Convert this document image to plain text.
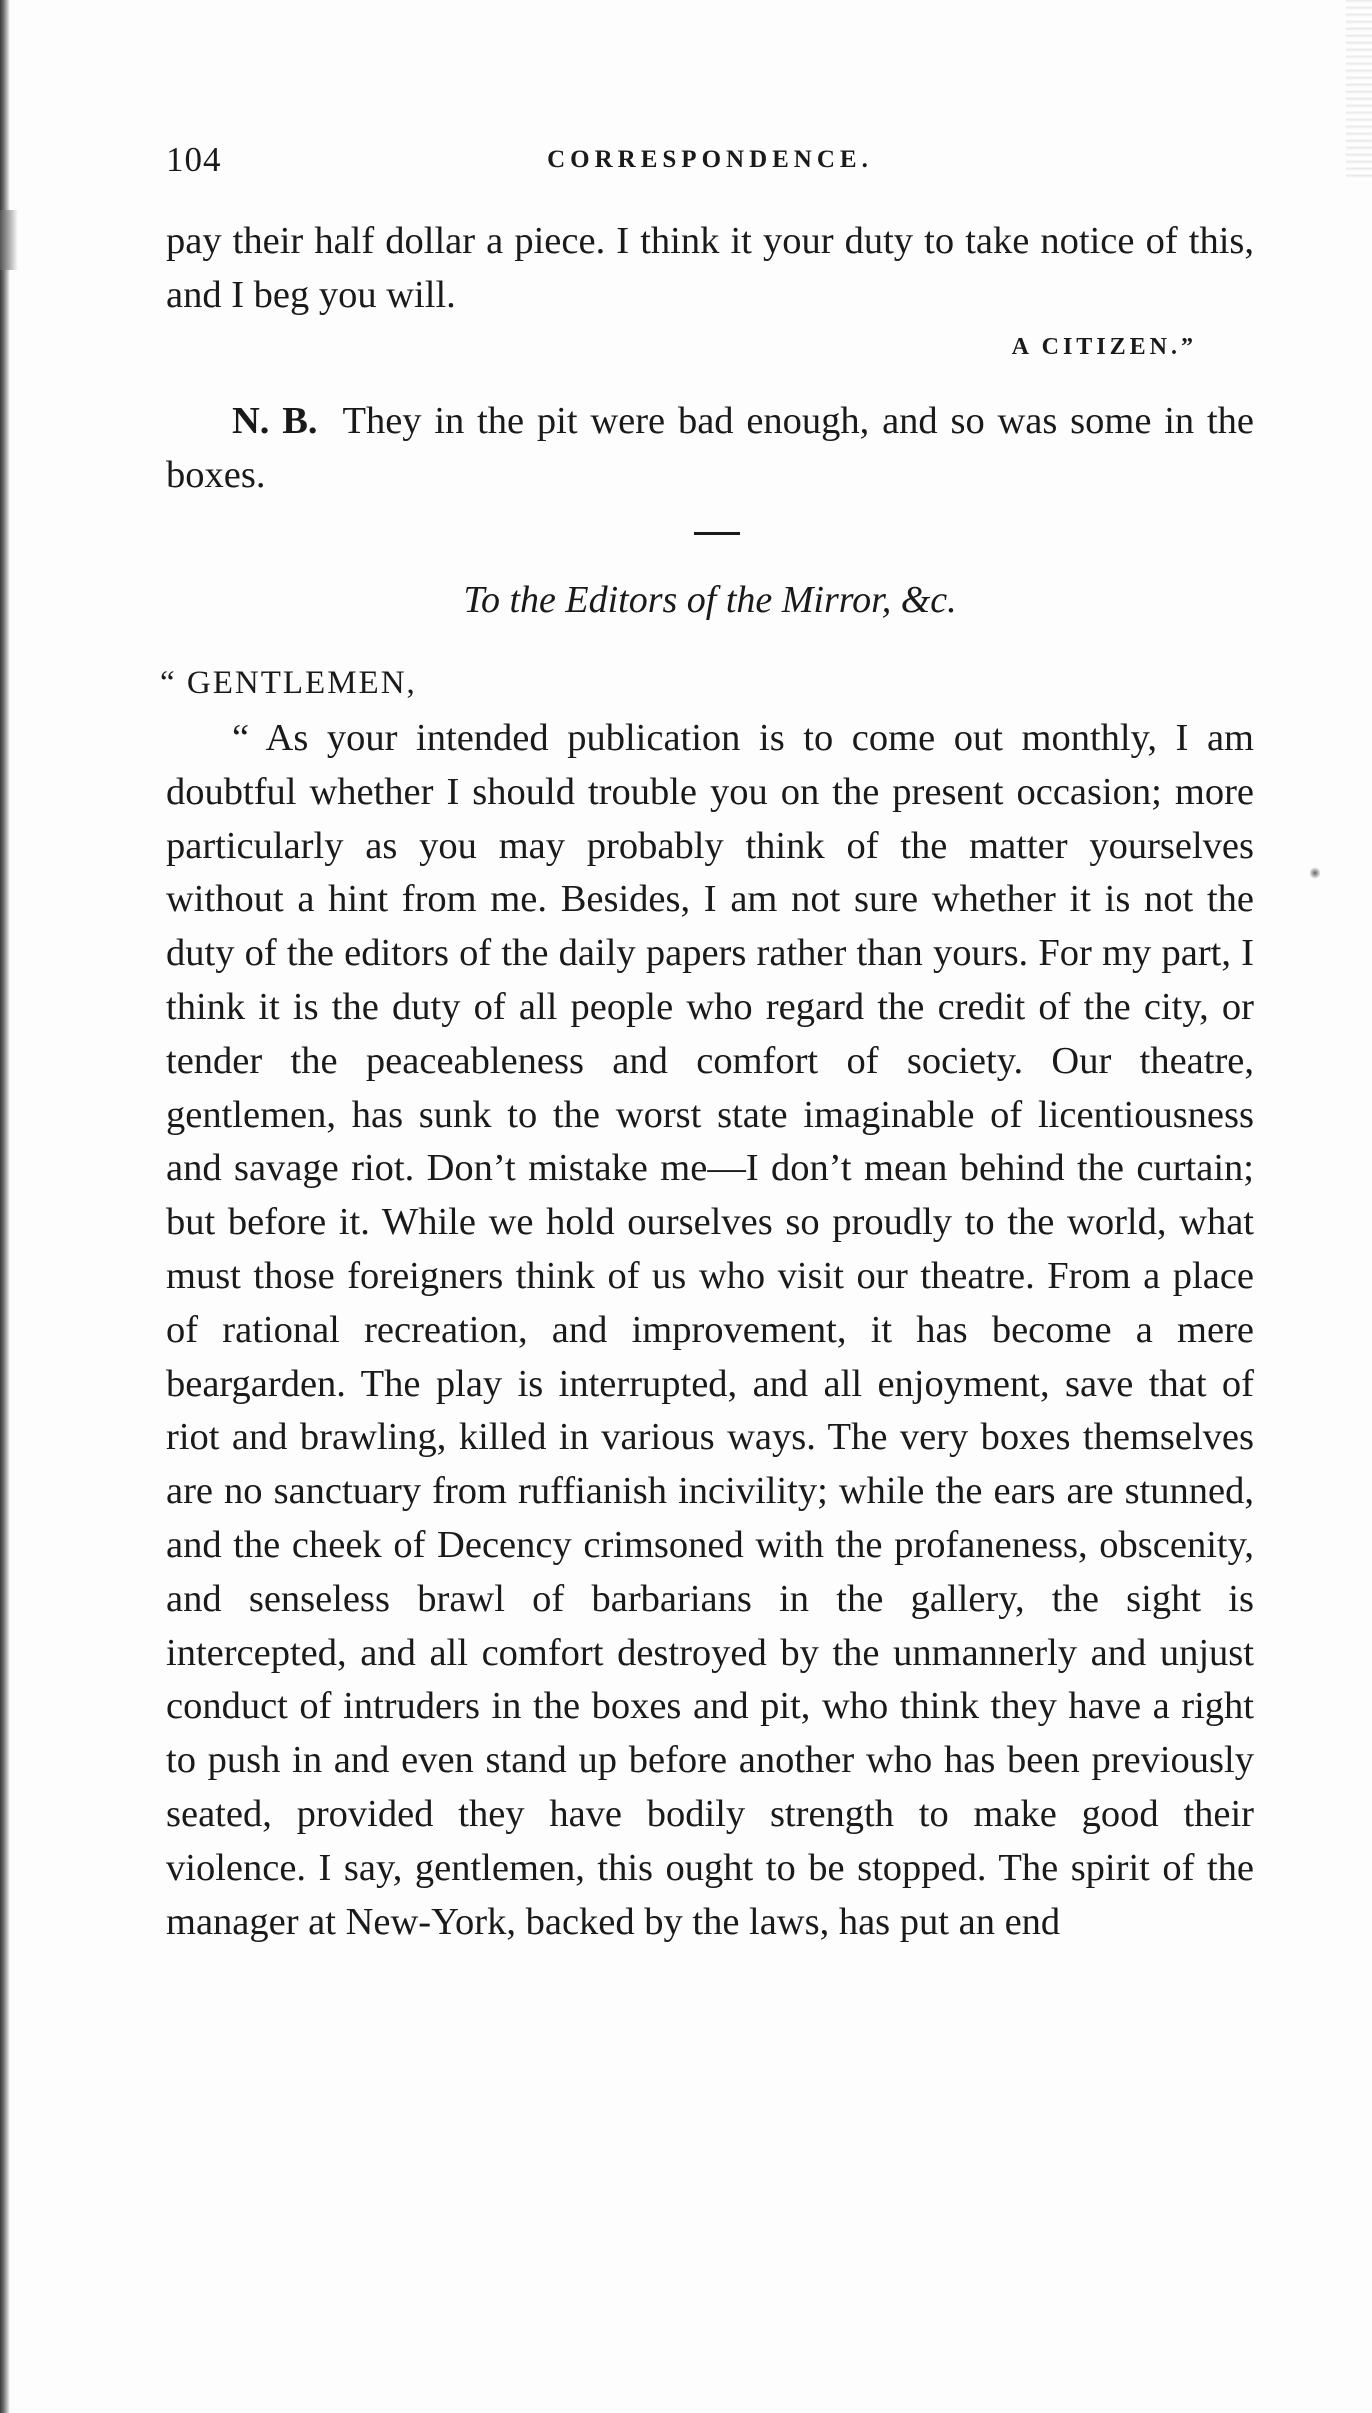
104	CORRESPONDENCE.
pay their half dollar a piece. I think it your duty to take notice of this, and I beg you will.
A CITIZEN.”
N. B. They in the pit were bad enough, and so was some in the boxes.
To the Editors of the Mirror, &c.
“ GENTLEMEN,
“ As your intended publication is to come out monthly, I am doubtful whether I should trouble you on the present occasion; more particularly as you may probably think of the matter yourselves without a hint from me. Besides, I am not sure whether it is not the duty of the editors of the daily papers rather than yours. For my part, I think it is the duty of all people who regard the credit of the city, or tender the peaceableness and comfort of society. Our theatre, gentlemen, has sunk to the worst state imaginable of licentiousness and savage riot. Don’t mistake me—I don’t mean behind the curtain; but before it. While we hold ourselves so proudly to the world, what must those foreigners think of us who visit our theatre. From a place of rational recreation, and improvement, it has become a mere beargarden. The play is interrupted, and all enjoyment, save that of riot and brawling, killed in various ways. The very boxes themselves are no sanctuary from ruffianish incivility; while the ears are stunned, and the cheek of Decency crimsoned with the profaneness, obscenity, and senseless brawl of barbarians in the gallery, the sight is intercepted, and all comfort destroyed by the unmannerly and unjust conduct of intruders in the boxes and pit, who think they have a right to push in and even stand up before another who has been previously seated, provided they have bodily strength to make good their violence. I say, gentlemen, this ought to be stopped. The spirit of the manager at New-York, backed by the laws, has put an end
